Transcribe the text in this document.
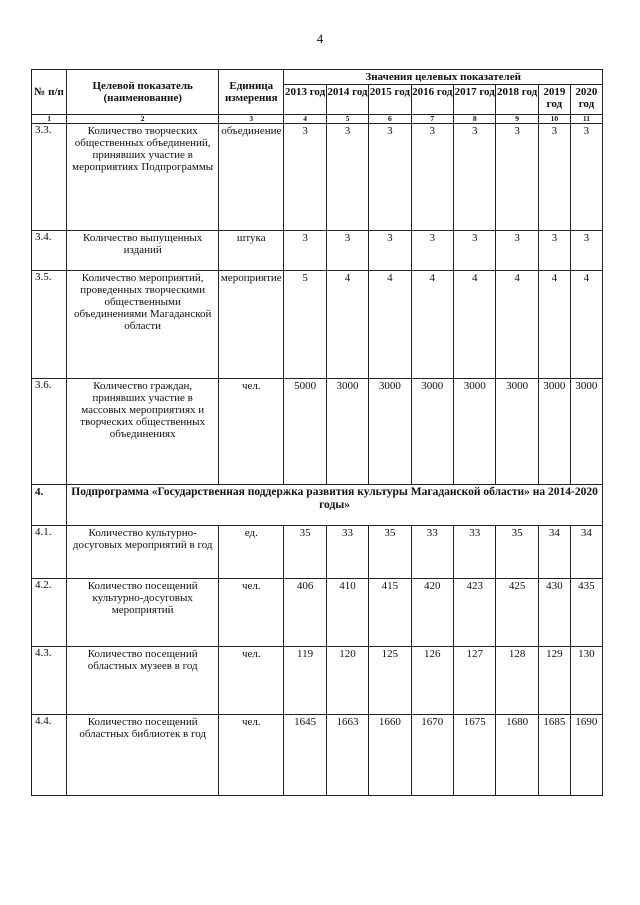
4
№ п/п	Целевой показатель (наименование)	Единица измерения	Значения целевых показателей							
			2013 год	2014 год	2015 год	2016 год	2017 год	2018 год	2019 год	2020 год
1	2	3	4	5	6	7	8	9	10	11
3.3.	Количество творческих общественных объединений, принявших участие в мероприятиях Подпрограммы	объединение	3	3	3	3	3	3	3	3
3.4.	Количество выпущенных изданий	штука	3	3	3	3	3	3	3	3
3.5.	Количество мероприятий, проведенных творческими общественными объединениями Магаданской области	мероприятие	5	4	4	4	4	4	4	4
3.6.	Количество граждан, принявших участие в массовых мероприятиях и творческих общественных объединениях	чел.	5000	3000	3000	3000	3000	3000	3000	3000
4.	Подпрограмма «Государственная поддержка развития культуры Магаданской области» на 2014-2020 годы»									
4.1.	Количество культурно-досуговых мероприятий в год	ед.	35	33	35	33	33	35	34	34
4.2.	Количество посещений культурно-досуговых мероприятий	чел.	406	410	415	420	423	425	430	435
4.3.	Количество посещений областных музеев в год	чел.	119	120	125	126	127	128	129	130
4.4.	Количество посещений областных библиотек в год	чел.	1645	1663	1660	1670	1675	1680	1685	1690
